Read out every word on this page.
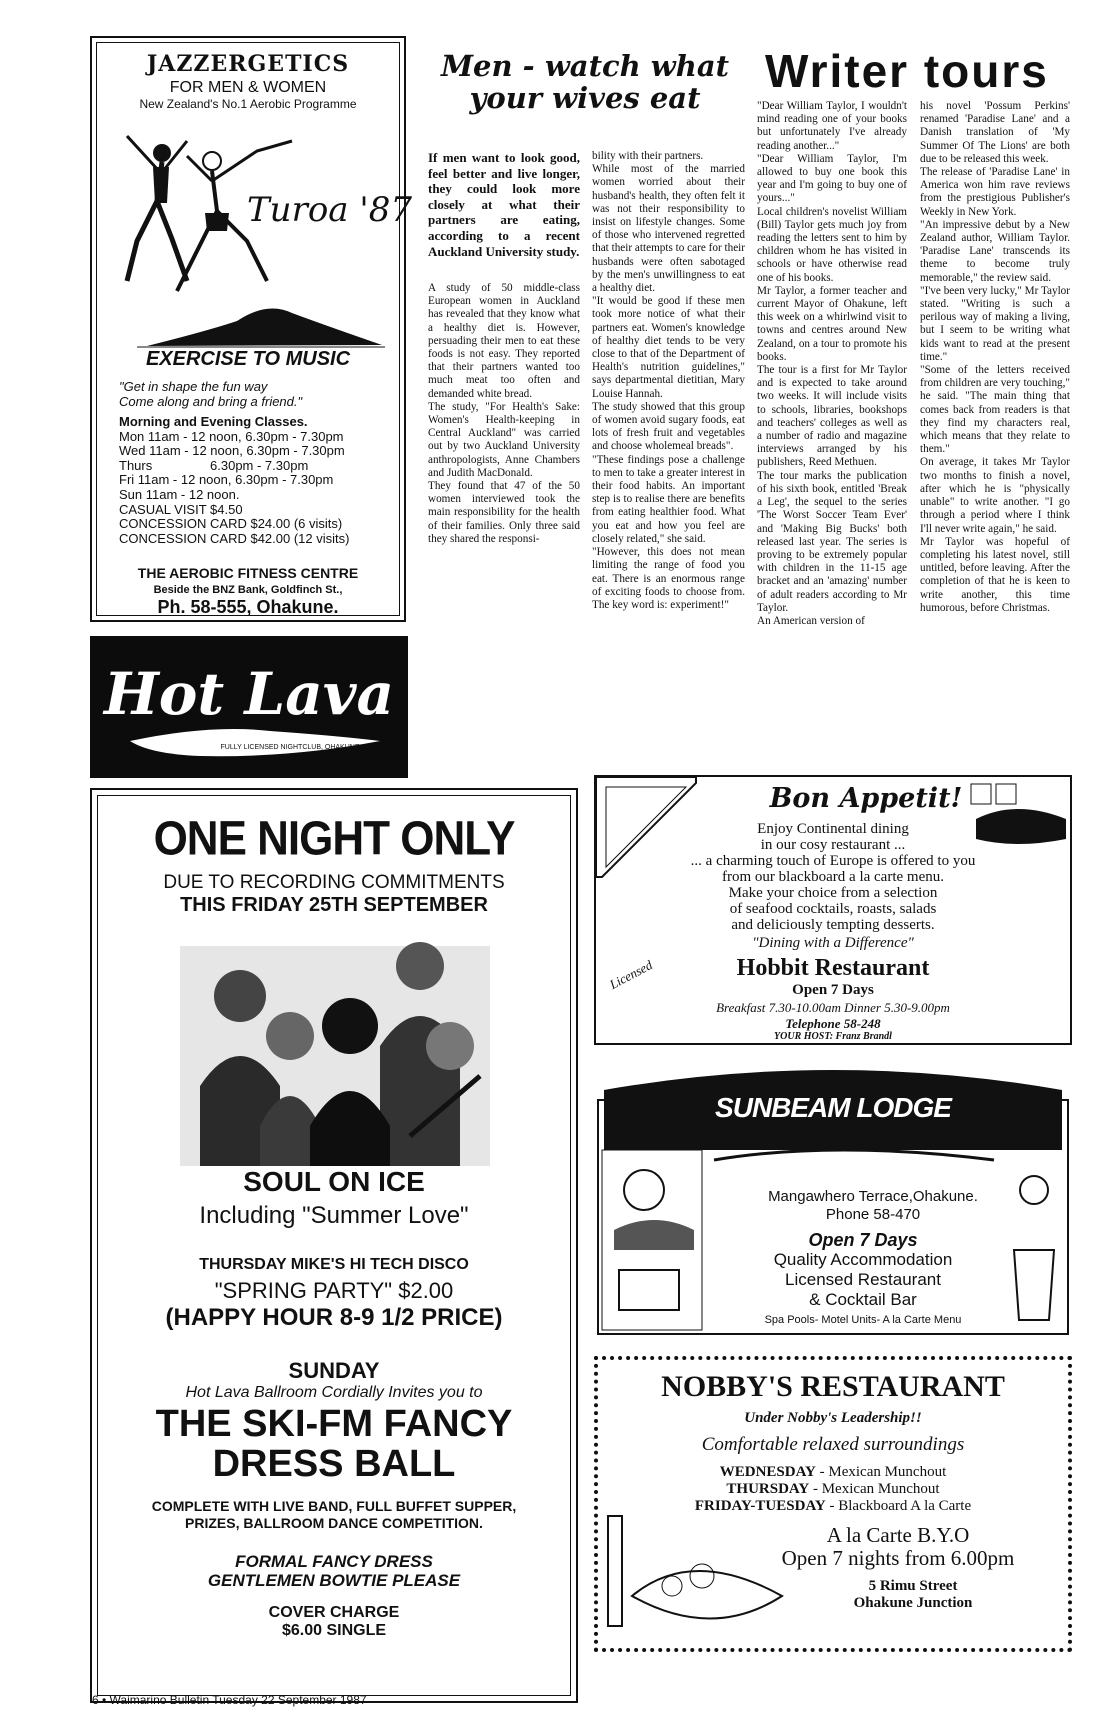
JAZZERGETICS
FOR MEN & WOMEN
New Zealand's No.1 Aerobic Programme
Turoa '87
EXERCISE TO MUSIC
"Get in shape the fun way
Come along and bring a friend."
Morning and Evening Classes.
Mon 11am - 12 noon, 6.30pm - 7.30pm
Wed 11am - 12 noon, 6.30pm - 7.30pm
Thurs                6.30pm - 7.30pm
Fri 11am - 12 noon, 6.30pm - 7.30pm
Sun 11am - 12 noon.
CASUAL VISIT $4.50
CONCESSION CARD $24.00 (6 visits)
CONCESSION CARD $42.00 (12 visits)
THE AEROBIC FITNESS CENTRE
Beside the BNZ Bank, Goldfinch St.,
Ph. 58-555, Ohakune.
Hot Lava
FULLY LICENSED NIGHTCLUB, OHAKUNE
Men - watch what
your wives eat
If men want to look good, feel better and live longer, they could look more closely at what their partners are eating, according to a recent Auckland University study.
A study of 50 middle-class European women in Auckland has revealed that they know what a healthy diet is. However, persuading their men to eat these foods is not easy. They reported that their partners wanted too much meat too often and demanded white bread.
The study, "For Health's Sake: Women's Health-keeping in Central Auckland" was carried out by two Auckland University anthropologists, Anne Chambers and Judith MacDonald.
They found that 47 of the 50 women interviewed took the main responsibility for the health of their families. Only three said they shared the responsi-
bility with their partners.
While most of the married women worried about their husband's health, they often felt it was not their responsibility to insist on lifestyle changes. Some of those who intervened regretted that their attempts to care for their husbands were often sabotaged by the men's unwillingness to eat a healthy diet.
"It would be good if these men took more notice of what their partners eat. Women's knowledge of healthy diet tends to be very close to that of the Department of Health's nutrition guidelines," says departmental dietitian, Mary Louise Hannah.
The study showed that this group of women avoid sugary foods, eat lots of fresh fruit and vegetables and choose wholemeal breads".
"These findings pose a challenge to men to take a greater interest in their food habits. An important step is to realise there are benefits from eating healthier food. What you eat and how you feel are closely related," she said.
"However, this does not mean limiting the range of food you eat. There is an enormous range of exciting foods to choose from. The key word is: experiment!"
Writer tours
"Dear William Taylor, I wouldn't mind reading one of your books but unfortunately I've already reading another..."
"Dear William Taylor, I'm allowed to buy one book this year and I'm going to buy one of yours..."
Local children's novelist William (Bill) Taylor gets much joy from reading the letters sent to him by children whom he has visited in schools or have otherwise read one of his books.
Mr Taylor, a former teacher and current Mayor of Ohakune, left this week on a whirlwind visit to towns and centres around New Zealand, on a tour to promote his books.
The tour is a first for Mr Taylor and is expected to take around two weeks. It will include visits to schools, libraries, bookshops and teachers' colleges as well as a number of radio and magazine interviews arranged by his publishers, Reed Methuen.
The tour marks the publication of his sixth book, entitled 'Break a Leg', the sequel to the series 'The Worst Soccer Team Ever' and 'Making Big Bucks' both released last year. The series is proving to be extremely popular with children in the 11-15 age bracket and an 'amazing' number of adult readers according to Mr Taylor.
An American version of
his novel 'Possum Perkins' renamed 'Paradise Lane' and a Danish translation of 'My Summer Of The Lions' are both due to be released this week.
The release of 'Paradise Lane' in America won him rave reviews from the prestigious Publisher's Weekly in New York.
"An impressive debut by a New Zealand author, William Taylor. 'Paradise Lane' transcends its theme to become truly memorable," the review said.
"I've been very lucky," Mr Taylor stated. "Writing is such a perilous way of making a living, but I seem to be writing what kids want to read at the present time."
"Some of the letters received from children are very touching," he said. "The main thing that comes back from readers is that they find my characters real, which means that they relate to them."
On average, it takes Mr Taylor two months to finish a novel, after which he is "physically unable" to write another. "I go through a period where I think I'll never write again," he said.
Mr Taylor was hopeful of completing his latest novel, still untitled, before leaving. After the completion of that he is keen to write another, this time humorous, before Christmas.
ONE NIGHT ONLY
DUE TO RECORDING COMMITMENTS
THIS FRIDAY 25TH SEPTEMBER
SOUL ON ICE
Including "Summer Love"
THURSDAY MIKE'S HI TECH DISCO
"SPRING PARTY" $2.00
(HAPPY HOUR 8-9 1/2 PRICE)
SUNDAY
Hot Lava Ballroom Cordially Invites you to
THE SKI-FM FANCY
DRESS BALL
COMPLETE WITH LIVE BAND, FULL BUFFET SUPPER,
PRIZES, BALLROOM DANCE COMPETITION.
FORMAL FANCY DRESS
GENTLEMEN BOWTIE PLEASE
COVER CHARGE
$6.00 SINGLE
Bon Appetit!
Enjoy Continental dining
in our cosy restaurant ...
... a charming touch of Europe is offered to you
from our blackboard a la carte menu.
Make your choice from a selection
of seafood cocktails, roasts, salads
and deliciously tempting desserts.
"Dining with a Difference"
Licensed	Hobbit Restaurant
Open 7 Days
Breakfast 7.30-10.00am Dinner 5.30-9.00pm
Telephone 58-248
YOUR HOST: Franz Brandl
SUNBEAM LODGE
Mangawhero Terrace,Ohakune.
Phone 58-470
Open 7 Days
Quality Accommodation
Licensed Restaurant
& Cocktail Bar
Spa Pools- Motel Units- A la Carte Menu
NOBBY'S RESTAURANT
Under Nobby's Leadership!!
Comfortable relaxed surroundings
WEDNESDAY - Mexican Munchout
THURSDAY - Mexican Munchout
FRIDAY-TUESDAY - Blackboard A la Carte
A la Carte B.Y.O
Open 7 nights from 6.00pm
5 Rimu Street
Ohakune Junction
6 • Waimarino Bulletin Tuesday 22 September 1987
